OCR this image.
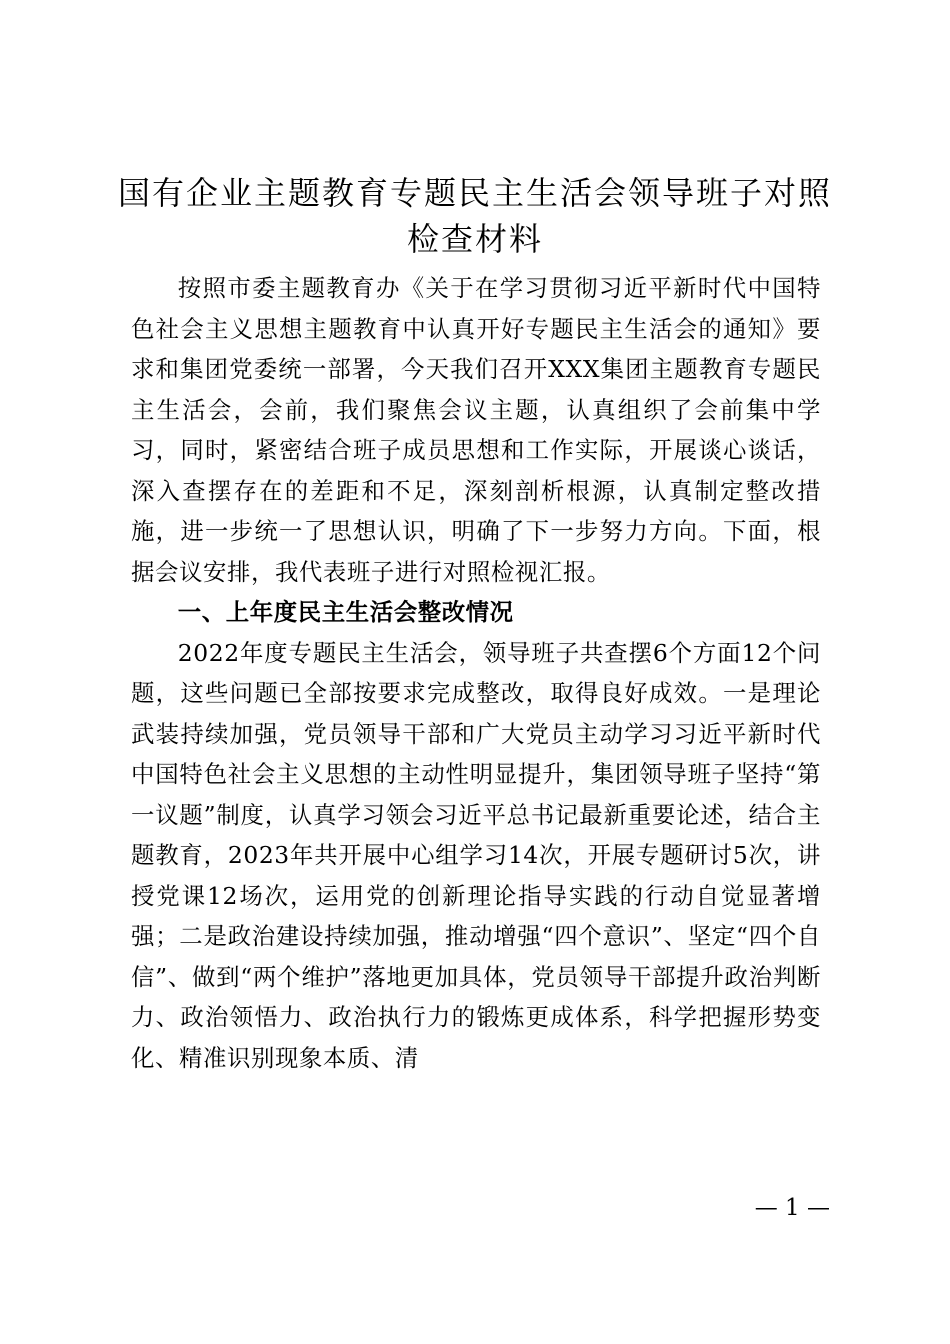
国有企业主题教育专题民主生活会领导班子对照检查材料

按照市委主题教育办《关于在学习贯彻习近平新时代中国特色社会主义思想主题教育中认真开好专题民主生活会的通知》要求和集团党委统一部署，今天我们召开XXX集团主题教育专题民主生活会，会前，我们聚焦会议主题，认真组织了会前集中学习，同时，紧密结合班子成员思想和工作实际，开展谈心谈话，深入查摆存在的差距和不足，深刻剖析根源，认真制定整改措施，进一步统一了思想认识，明确了下一步努力方向。下面，根据会议安排，我代表班子进行对照检视汇报。

一、上年度民主生活会整改情况

2022年度专题民主生活会，领导班子共查摆6个方面12个问题，这些问题已全部按要求完成整改，取得良好成效。一是理论武装持续加强，党员领导干部和广大党员主动学习习近平新时代中国特色社会主义思想的主动性明显提升，集团领导班子坚持“第一议题”制度，认真学习领会习近平总书记最新重要论述，结合主题教育，2023年共开展中心组学习14次，开展专题研讨5次，讲授党课12场次，运用党的创新理论指导实践的行动自觉显著增强；二是政治建设持续加强，推动增强“四个意识”、坚定“四个自信”、做到“两个维护”落地更加具体，党员领导干部提升政治判断力、政治领悟力、政治执行力的锻炼更成体系，科学把握形势变化、精准识别现象本质、清

— 1 —
